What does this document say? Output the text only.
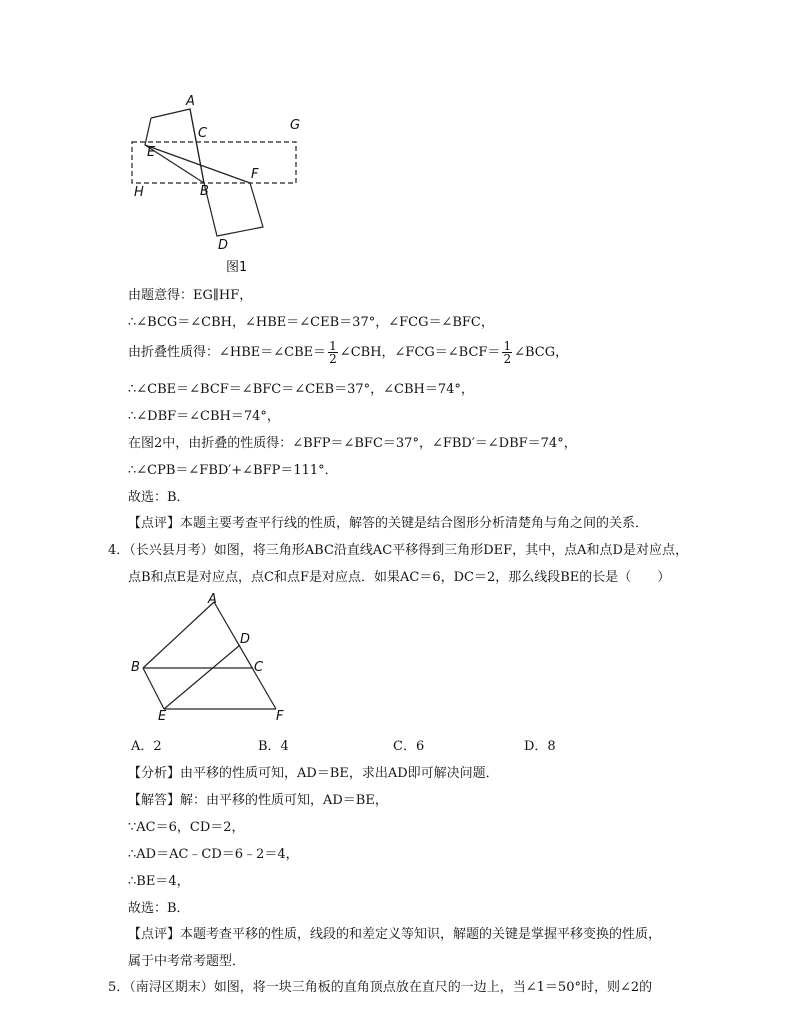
A
C
G
E
H	B
F
D
图1
由题意得：EG∥HF，
∴∠BCG＝∠CBH，∠HBE＝∠CEB＝37°，∠FCG＝∠BFC，
由折叠性质得：∠HBE＝∠CBE＝ $\frac{1}{2}$ ∠CBH，∠FCG＝∠BCF＝ $\frac{1}{2}$ ∠BCG，
∴∠CBE＝∠BCF＝∠BFC＝∠CEB＝37°，∠CBH＝74°，
∴∠DBF＝∠CBH＝74°，
在图2中，由折叠的性质得：∠BFP＝∠BFC＝37°，∠FBD′＝∠DBF＝74°，
∴∠CPB＝∠FBD′+∠BFP＝111°．
故选：B．
【点评】本题主要考查平行线的性质，解答的关键是结合图形分析清楚角与角之间的关系．
4．（长兴县月考）如图，将三角形ABC沿直线AC平移得到三角形DEF，其中，点A和点D是对应点，
点B和点E是对应点，点C和点F是对应点．如果AC＝6，DC＝2，那么线段BE的长是（　　）
A
D
B	C
E	F
A．2	B．4	C．6	D．8
【分析】由平移的性质可知，AD＝BE，求出AD即可解决问题．
【解答】解：由平移的性质可知，AD＝BE，
∵AC＝6，CD＝2，
∴AD＝AC﹣CD＝6﹣2＝4，
∴BE＝4，
故选：B．
【点评】本题考查平移的性质，线段的和差定义等知识，解题的关键是掌握平移变换的性质，
属于中考常考题型．
5．（南浔区期末）如图，将一块三角板的直角顶点放在直尺的一边上，当∠1＝50°时，则∠2的
